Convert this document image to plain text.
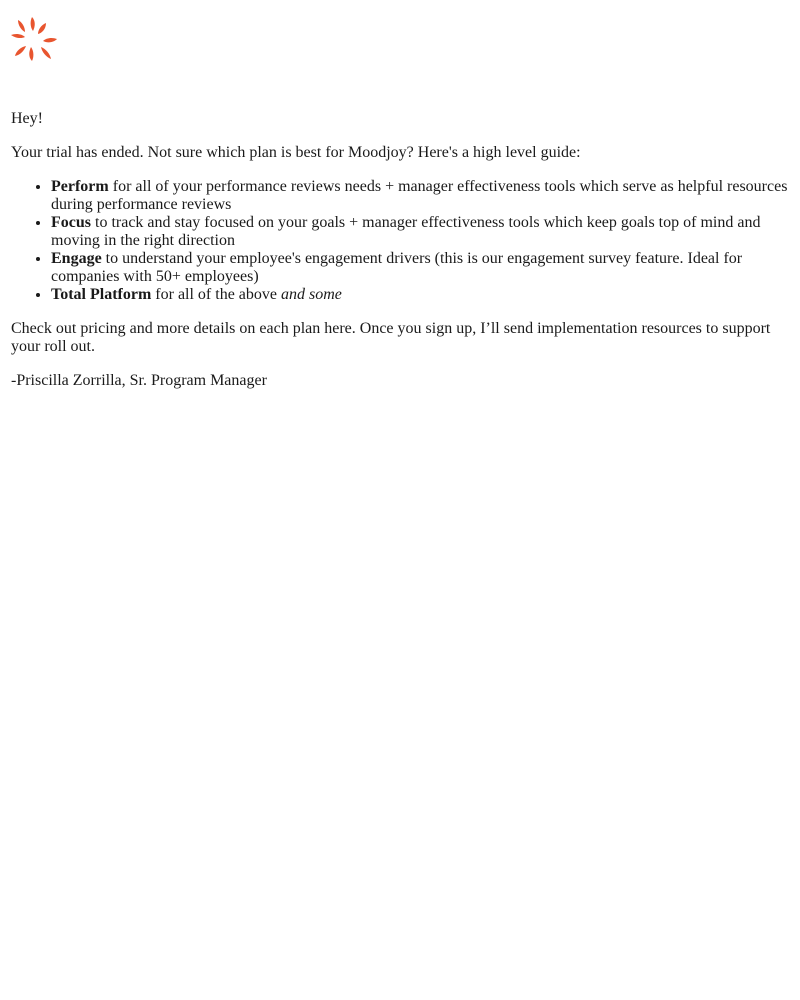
Hey!

Your trial has ended. Not sure which plan is best for Moodjoy? Here's a high level guide:

• Perform for all of your performance reviews needs + manager effectiveness tools which serve as helpful resources during performance reviews
• Focus to track and stay focused on your goals + manager effectiveness tools which keep goals top of mind and moving in the right direction
• Engage to understand your employee's engagement drivers (this is our engagement survey feature. Ideal for companies with 50+ employees)
• Total Platform for all of the above and some

Check out pricing and more details on each plan here. Once you sign up, I’ll send implementation resources to support your roll out.

-Priscilla Zorrilla, Sr. Program Manager
